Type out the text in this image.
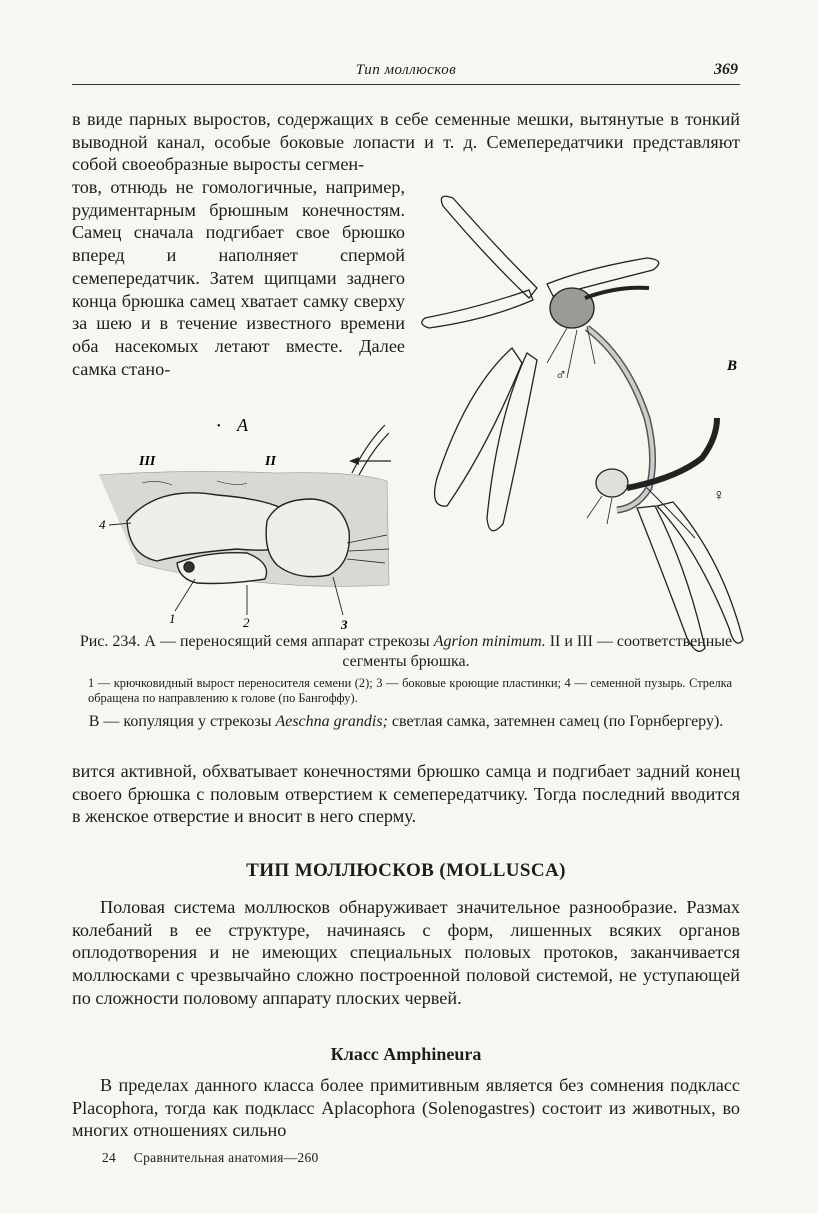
Тип моллюсков	369

в виде парных выростов, содержащих в себе семенные мешки, вытянутые в тонкий выводной канал, особые боковые лопасти и т. д. Семепередатчики представляют собой своеобразные выросты сегмен-

тов, отнюдь не гомологичные, например, рудиментарным брюшным конечностям. Самец сначала подгибает свое брюшко вперед и наполняет спермой семепередатчик. Затем щипцами заднего конца брюшка самец хватает самку сверху за шею и в течение известного времени оба насекомых летают вместе. Далее самка стано-

А
•
III	II
4
1	2	3
В
♂
♀
Рис. 234. А — переносящий семя аппарат стрекозы Agrion minimum. II и III — соответственные сегменты брюшка.
1 — крючковидный вырост переносителя семени (2); 3 — боковые кроющие пластинки; 4 — семенной пузырь. Стрелка обращена по направлению к голове (по Бангоффу).
В — копуляция у стрекозы Aeschna grandis; светлая самка, затемнен самец (по Горнбергеру).

вится активной, обхватывает конечностями брюшко самца и подгибает задний конец своего брюшка с половым отверстием к семепередатчику. Тогда последний вводится в женское отверстие и вносит в него сперму.

ТИП МОЛЛЮСКОВ (MOLLUSCA)

Половая система моллюсков обнаруживает значительное разнообразие. Размах колебаний в ее структуре, начинаясь с форм, лишенных всяких органов оплодотворения и не имеющих специальных половых протоков, заканчивается моллюсками с чрезвычайно сложно построенной половой системой, не уступающей по сложности половому аппарату плоских червей.

Класс Amphineura

В пределах данного класса более примитивным является без сомнения подкласс Placophora, тогда как подкласс Aplacophora (Solenogastres) состоит из животных, во многих отношениях сильно

24 Сравнительная анатомия—260
